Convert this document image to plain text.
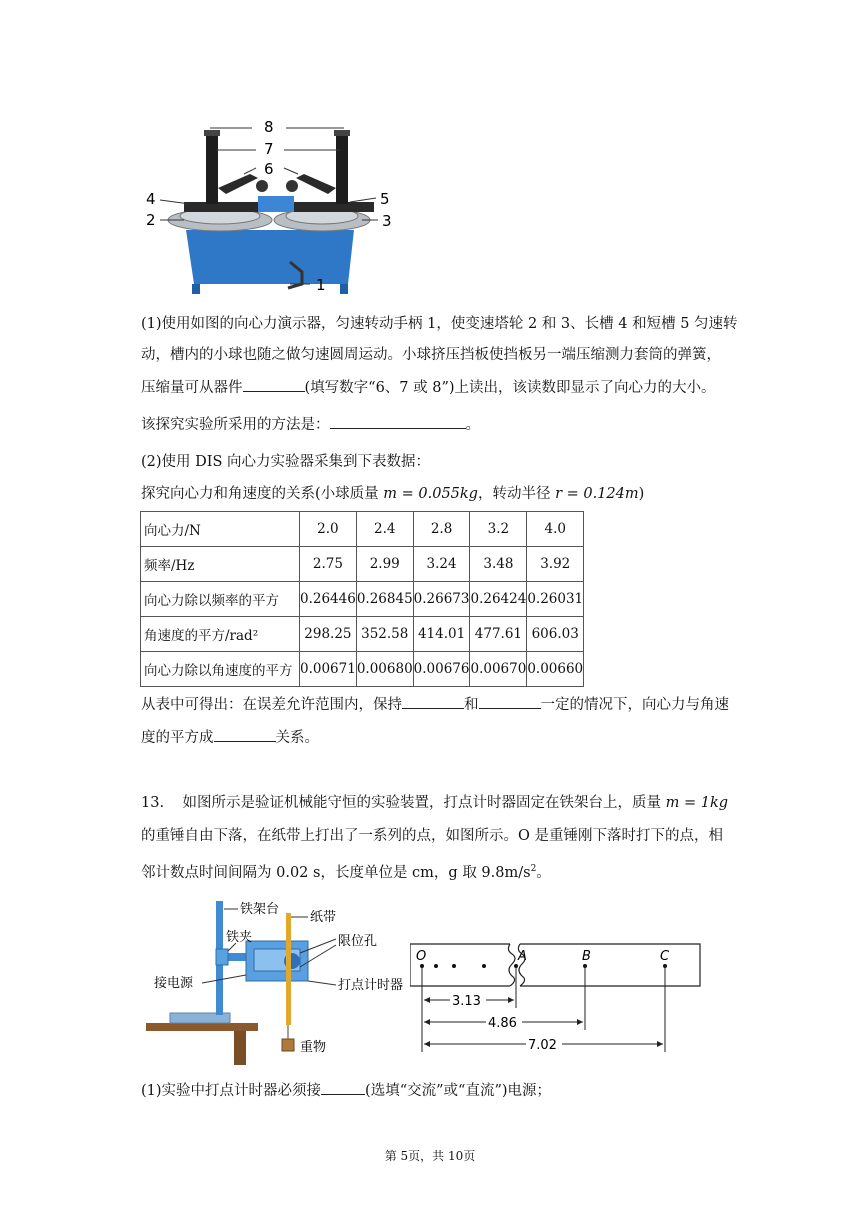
8
7
6
4	5
2	3
1
(1)使用如图的向心力演示器，匀速转动手柄 1，使变速塔轮 2 和 3、长槽 4 和短槽 5 匀速转
动，槽内的小球也随之做匀速圆周运动。小球挤压挡板使挡板另一端压缩测力套筒的弹簧，
压缩量可从器件	(填写数字“6、7 或 8”)上读出，该读数即显示了向心力的大小。
该探究实验所采用的方法是：	。
(2)使用 DIS 向心力实验器采集到下表数据：
探究向心力和角速度的关系(小球质量 m = 0.055kg，转动半径 r = 0.124m)
向心力/N	2.0	2.4	2.8	3.2	4.0
频率/Hz	2.75	2.99	3.24	3.48	3.92
向心力除以频率的平方	0.26446	0.26845	0.26673	0.26424	0.26031
角速度的平方/rad²	298.25	352.58	414.01	477.61	606.03
向心力除以角速度的平方	0.00671	0.00680	0.00676	0.00670	0.00660
从表中可得出：在误差允许范围内，保持	和	一定的情况下，向心力与角速
度的平方成	关系。
13. 如图所示是验证机械能守恒的实验装置，打点计时器固定在铁架台上，质量 m = 1kg
的重锤自由下落，在纸带上打出了一系列的点，如图所示。O 是重锤刚下落时打下的点，相
邻计数点时间间隔为 0.02 s，长度单位是 cm，g 取 $9.8m/s^2$。
铁架台
纸带
铁夹	限位孔
接电源	打点计时器
重物
O	A	B	C
3.13
4.86
7.02
(1)实验中打点计时器必须接	(选填“交流”或“直流”)电源；
第 5页，共 10页
